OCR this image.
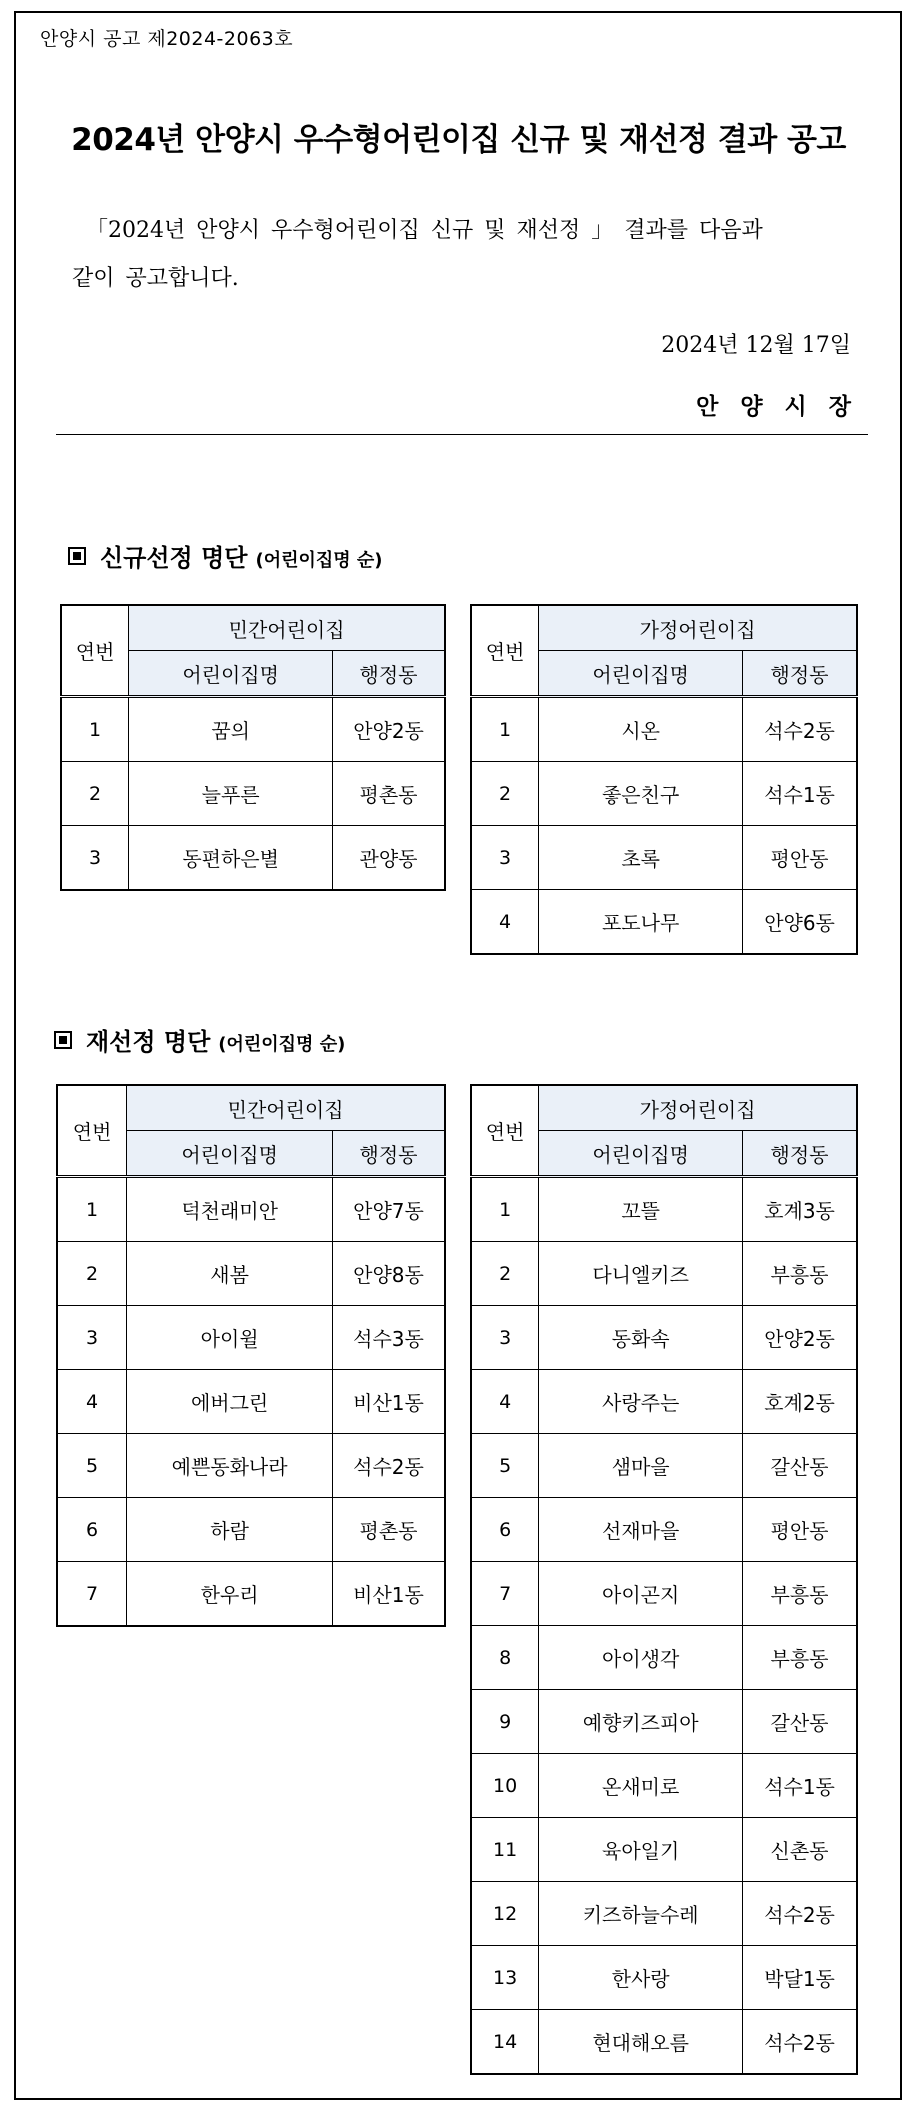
안양시 공고 제2024-2063호
2024년 안양시 우수형어린이집 신규 및 재선정 결과 공고
「2024년 안양시 우수형어린이집 신규 및 재선정 」 결과를 다음과
같이 공고합니다.
2024년 12월 17일
안양시장
신규선정 명단 (어린이집명 순)
연번	민간어린이집	
	어린이집명	행정동
1	꿈의	안양2동
2	늘푸른	평촌동
3	동편하은별	관양동
연번	가정어린이집	
	어린이집명	행정동
1	시온	석수2동
2	좋은친구	석수1동
3	초록	평안동
4	포도나무	안양6동
재선정 명단 (어린이집명 순)
연번	민간어린이집	
	어린이집명	행정동
1	덕천래미안	안양7동
2	새봄	안양8동
3	아이윌	석수3동
4	에버그린	비산1동
5	예쁜동화나라	석수2동
6	하람	평촌동
7	한우리	비산1동
연번	가정어린이집	
	어린이집명	행정동
1	꼬뜰	호계3동
2	다니엘키즈	부흥동
3	동화속	안양2동
4	사랑주는	호계2동
5	샘마을	갈산동
6	선재마을	평안동
7	아이곤지	부흥동
8	아이생각	부흥동
9	예향키즈피아	갈산동
10	온새미로	석수1동
11	육아일기	신촌동
12	키즈하늘수레	석수2동
13	한사랑	박달1동
14	현대해오름	석수2동
